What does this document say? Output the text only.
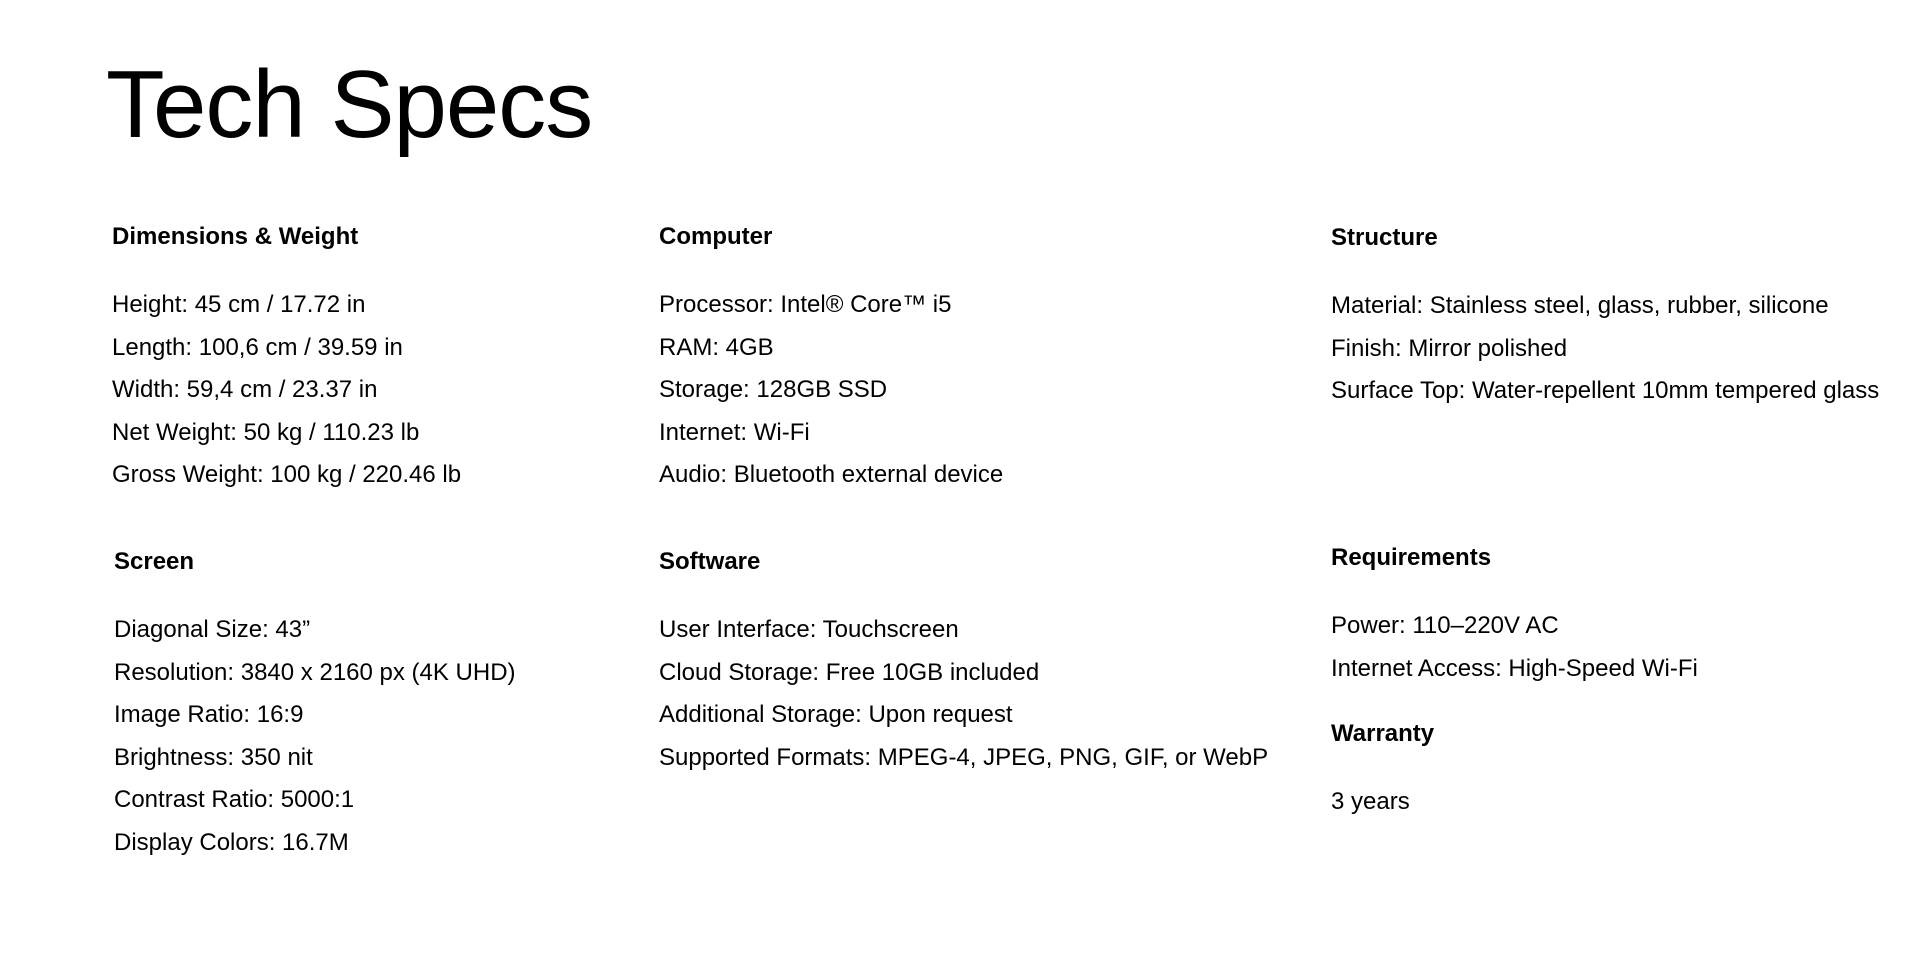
Tech Specs
Dimensions & Weight
Height: 45 cm / 17.72 in
Length: 100,6 cm / 39.59 in
Width: 59,4 cm / 23.37 in
Net Weight: 50 kg / 110.23 lb
Gross Weight: 100 kg / 220.46 lb
Computer
Processor: Intel® Core™ i5
RAM: 4GB
Storage: 128GB SSD
Internet: Wi-Fi
Audio: Bluetooth external device
Structure
Material: Stainless steel, glass, rubber, silicone
Finish: Mirror polished
Surface Top: Water-repellent 10mm tempered glass
Screen
Diagonal Size: 43”
Resolution: 3840 x 2160 px (4K UHD)
Image Ratio: 16:9
Brightness: 350 nit
Contrast Ratio: 5000:1
Display Colors: 16.7M
Software
User Interface: Touchscreen
Cloud Storage: Free 10GB included
Additional Storage: Upon request
Supported Formats: MPEG-4, JPEG, PNG, GIF, or WebP
Requirements
Power: 110–220V AC
Internet Access: High-Speed Wi-Fi
Warranty
3 years
